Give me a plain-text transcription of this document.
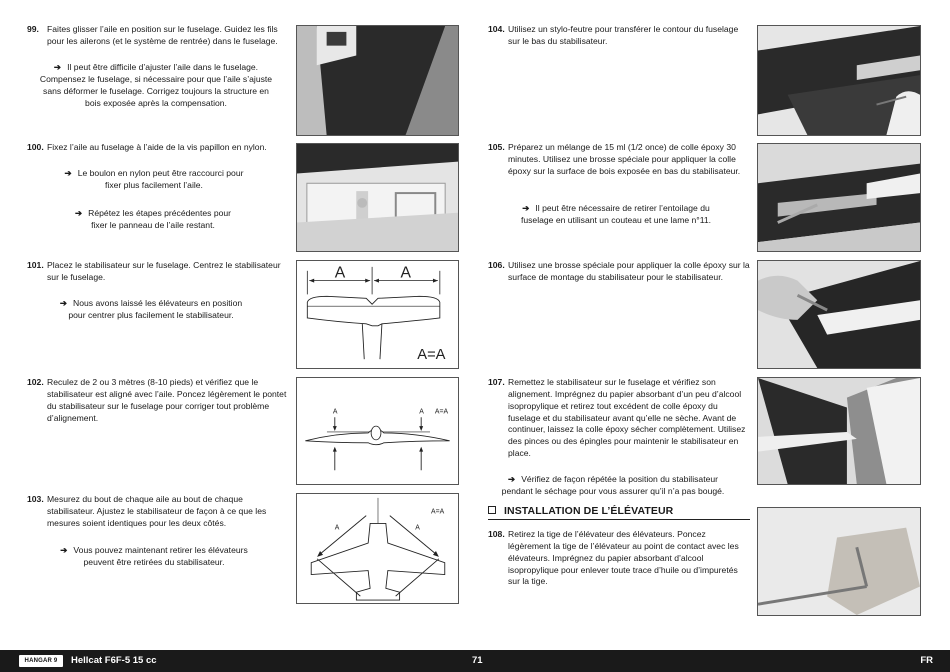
99. Faites glisser l’aile en position sur le fuselage. Guidez les fils pour les ailerons (et le système de rentrée) dans le fuselage.
➔ Il peut être difficile d’ajuster l’aile dans le fuselage. Compensez le fuselage, si nécessaire pour que l’aile s’ajuste sans déformer le fuselage. Corrigez toujours la structure en bois exposée après la compensation.
100. Fixez l’aile au fuselage à l’aide de la vis papillon en nylon.
➔ Le boulon en nylon peut être raccourci pour fixer plus facilement l’aile.
➔ Répétez les étapes précédentes pour fixer le panneau de l’aile restant.
101. Placez le stabilisateur sur le fuselage. Centrez le stabilisateur sur le fuselage.
➔ Nous avons laissé les élévateurs en position pour centrer plus facilement le stabilisateur.
102. Reculez de 2 ou 3 mètres (8-10 pieds) et vérifiez que le stabilisateur est aligné avec l’aile. Poncez légèrement le pontet du stabilisateur sur le fuselage pour corriger tout problème d’alignement.
103. Mesurez du bout de chaque aile au bout de chaque stabilisateur. Ajustez le stabilisateur de façon à ce que les mesures soient identiques pour les deux côtés.
➔ Vous pouvez maintenant retirer les élévateurs peuvent être retirées du stabilisateur.
A	A
A=A
A	A A=A
A	A
A=A
104. Utilisez un stylo-feutre pour transférer le contour du fuselage sur le bas du stabilisateur.
105. Préparez un mélange de 15 ml (1/2 once) de colle époxy 30 minutes. Utilisez une brosse spéciale pour appliquer la colle époxy sur la surface de bois exposée en bas du stabilisateur.
➔ Il peut être nécessaire de retirer l’entoilage du fuselage en utilisant un couteau et une lame n°11.
106. Utilisez une brosse spéciale pour appliquer la colle époxy sur la surface de montage du stabilisateur pour le stabilisateur.
107. Remettez le stabilisateur sur le fuselage et vérifiez son alignement. Imprégnez du papier absorbant d’un peu d’alcool isopropylique et retirez tout excédent de colle époxy du fuselage et du stabilisateur avant qu’elle ne sèche. Avant de continuer, laissez la colle époxy sécher complètement. Utilisez des pinces ou des épingles pour maintenir le stabilisateur en place.
➔ Vérifiez de façon répétée la position du stabilisateur pendant le séchage pour vous assurer qu’il n’a pas bougé.
INSTALLATION DE L’ÉLÉVATEUR
108. Retirez la tige de l’élévateur des élévateurs. Poncez légèrement la tige de l’élévateur au point de contact avec les élévateurs. Imprégnez du papier absorbant d’alcool isopropylique pour enlever toute trace d’huile ou d’impuretés sur la tige.
HANGAR 9	Hellcat F6F-5 15 cc	71	FR
